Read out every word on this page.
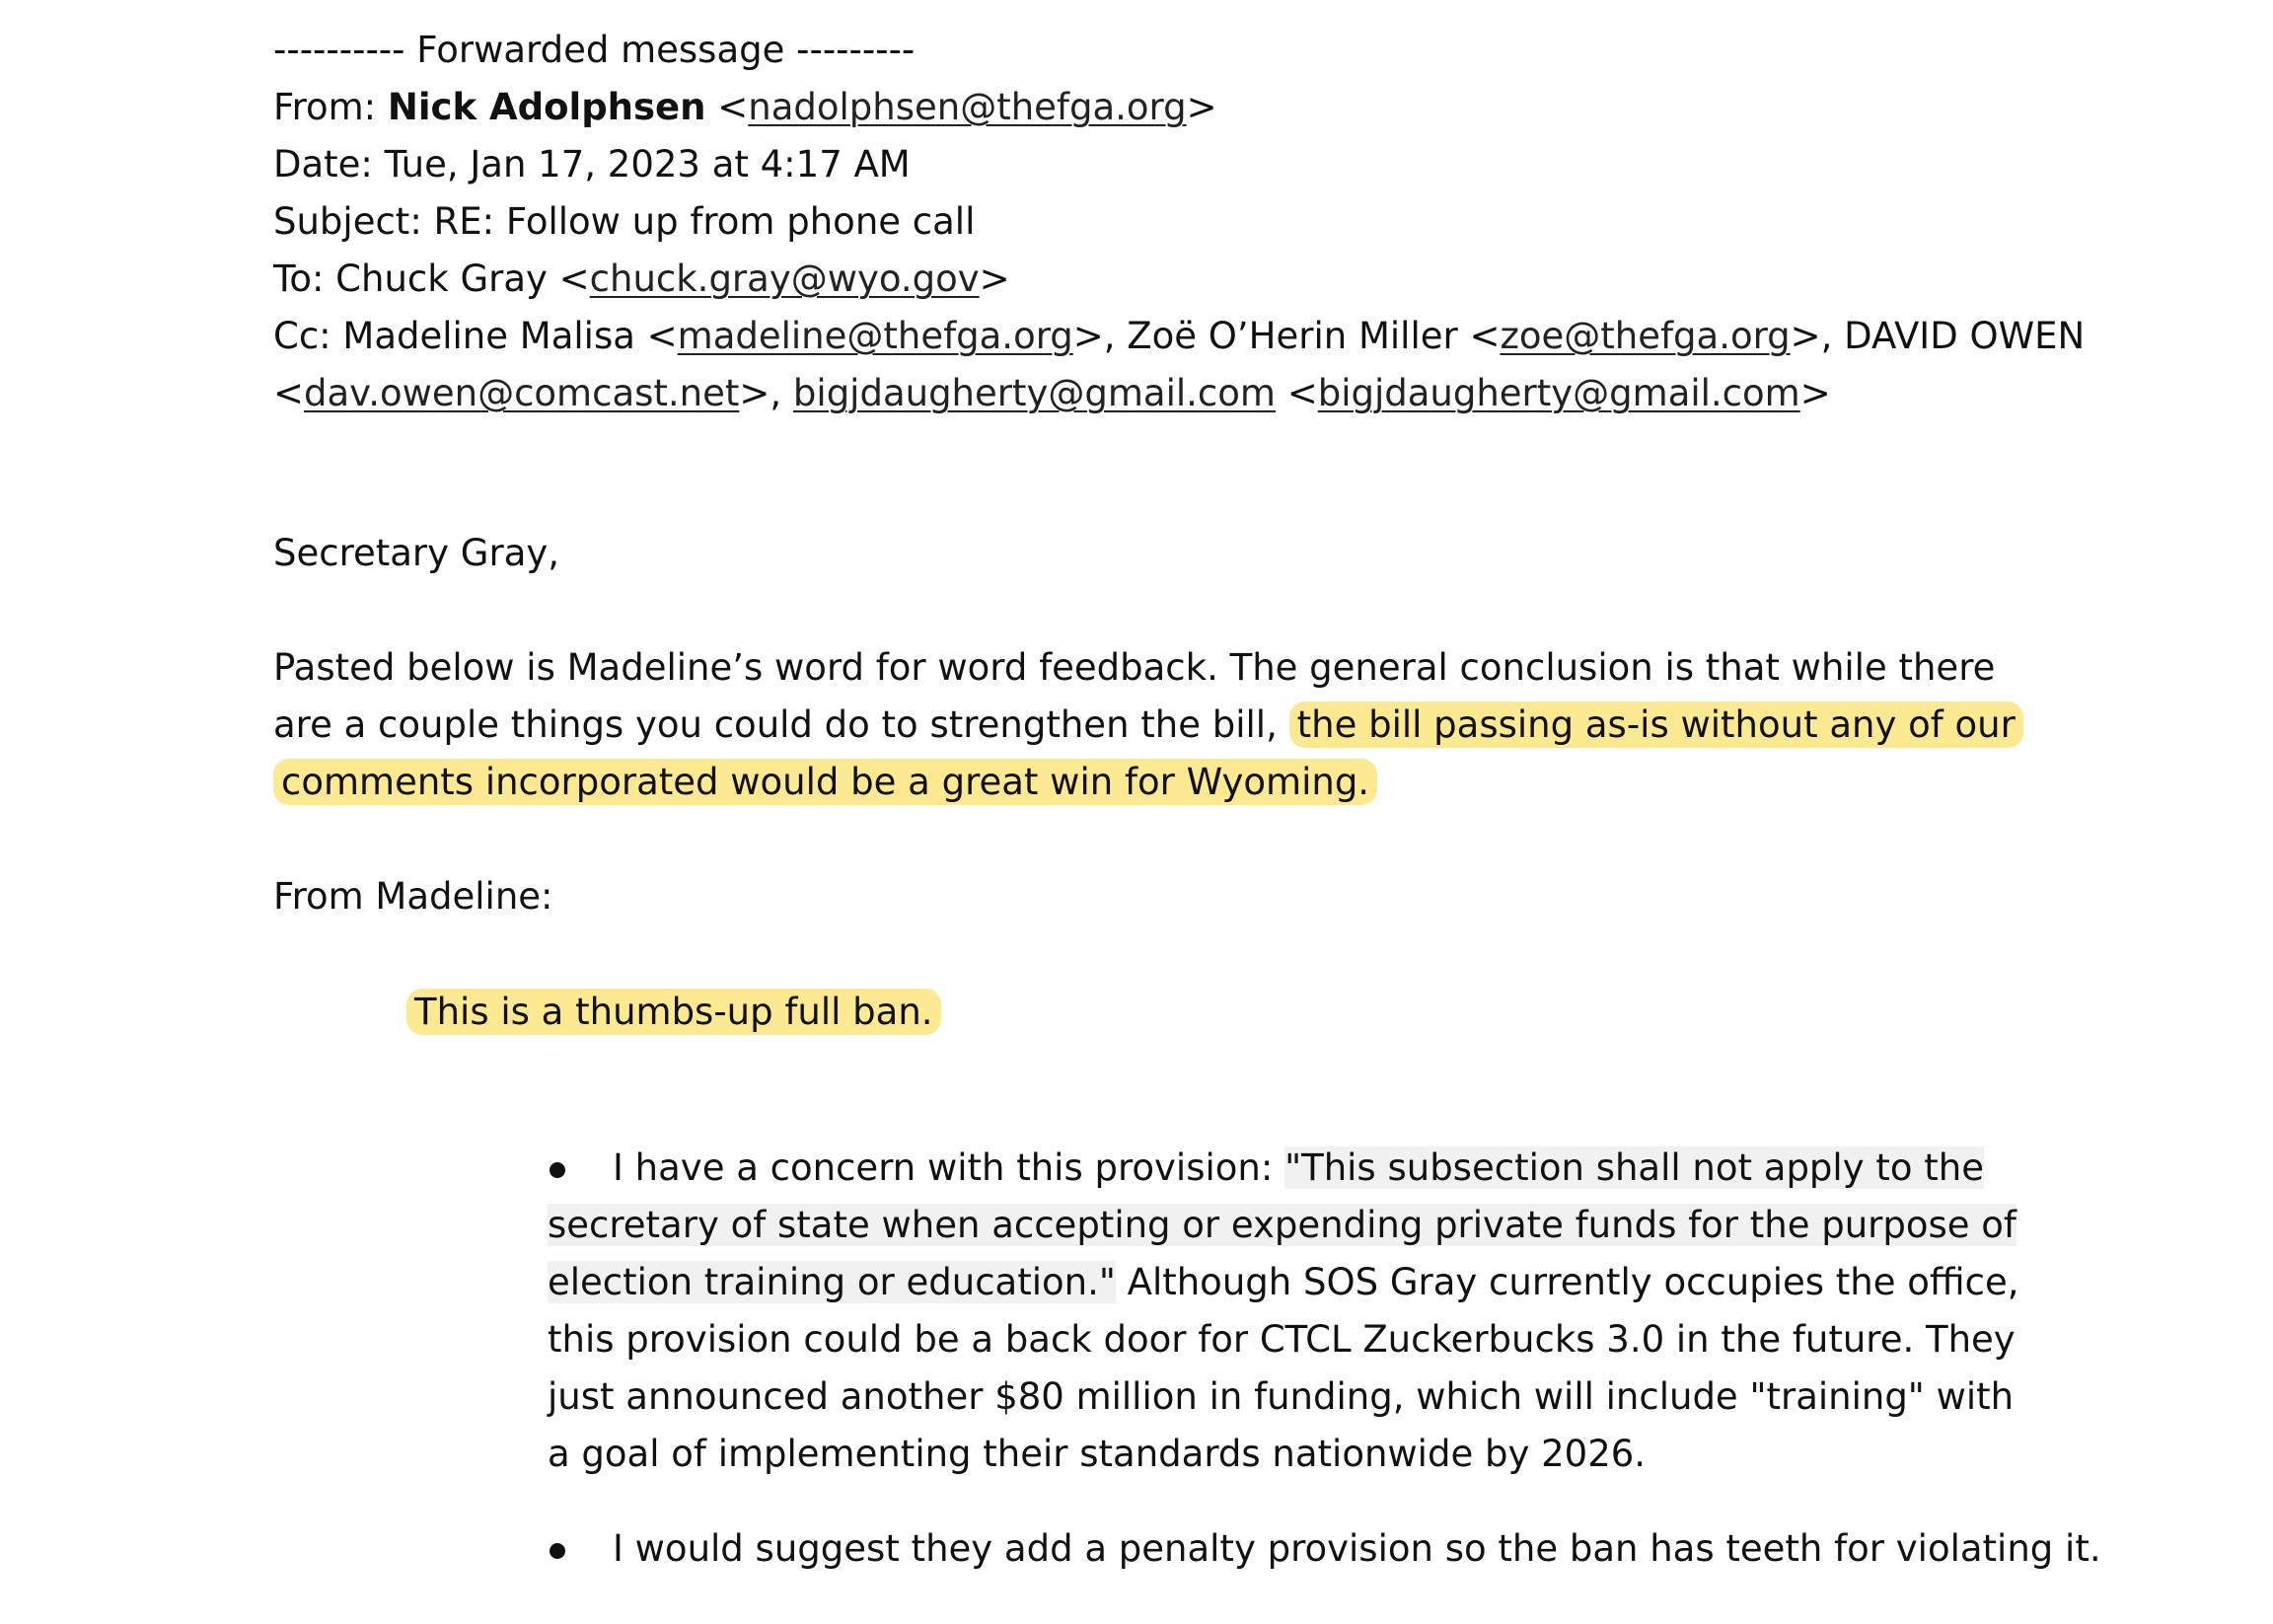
---------- Forwarded message ---------
From: Nick Adolphsen <nadolphsen@thefga.org>
Date: Tue, Jan 17, 2023 at 4:17 AM
Subject: RE: Follow up from phone call
To: Chuck Gray <chuck.gray@wyo.gov>
Cc: Madeline Malisa <madeline@thefga.org>, Zoë O’Herin Miller <zoe@thefga.org>, DAVID OWEN
<dav.owen@comcast.net>, bigjdaugherty@gmail.com <bigjdaugherty@gmail.com>
Secretary Gray,
Pasted below is Madeline’s word for word feedback. The general conclusion is that while there are a couple things you could do to strengthen the bill, the bill passing as-is without any of our comments incorporated would be a great win for Wyoming.
From Madeline:
This is a thumbs-up full ban.
I have a concern with this provision: "This subsection shall not apply to the secretary of state when accepting or expending private funds for the purpose of election training or education." Although SOS Gray currently occupies the office, this provision could be a back door for CTCL Zuckerbucks 3.0 in the future. They just announced another $80 million in funding, which will include "training" with a goal of implementing their standards nationwide by 2026.
I would suggest they add a penalty provision so the ban has teeth for violating it.
